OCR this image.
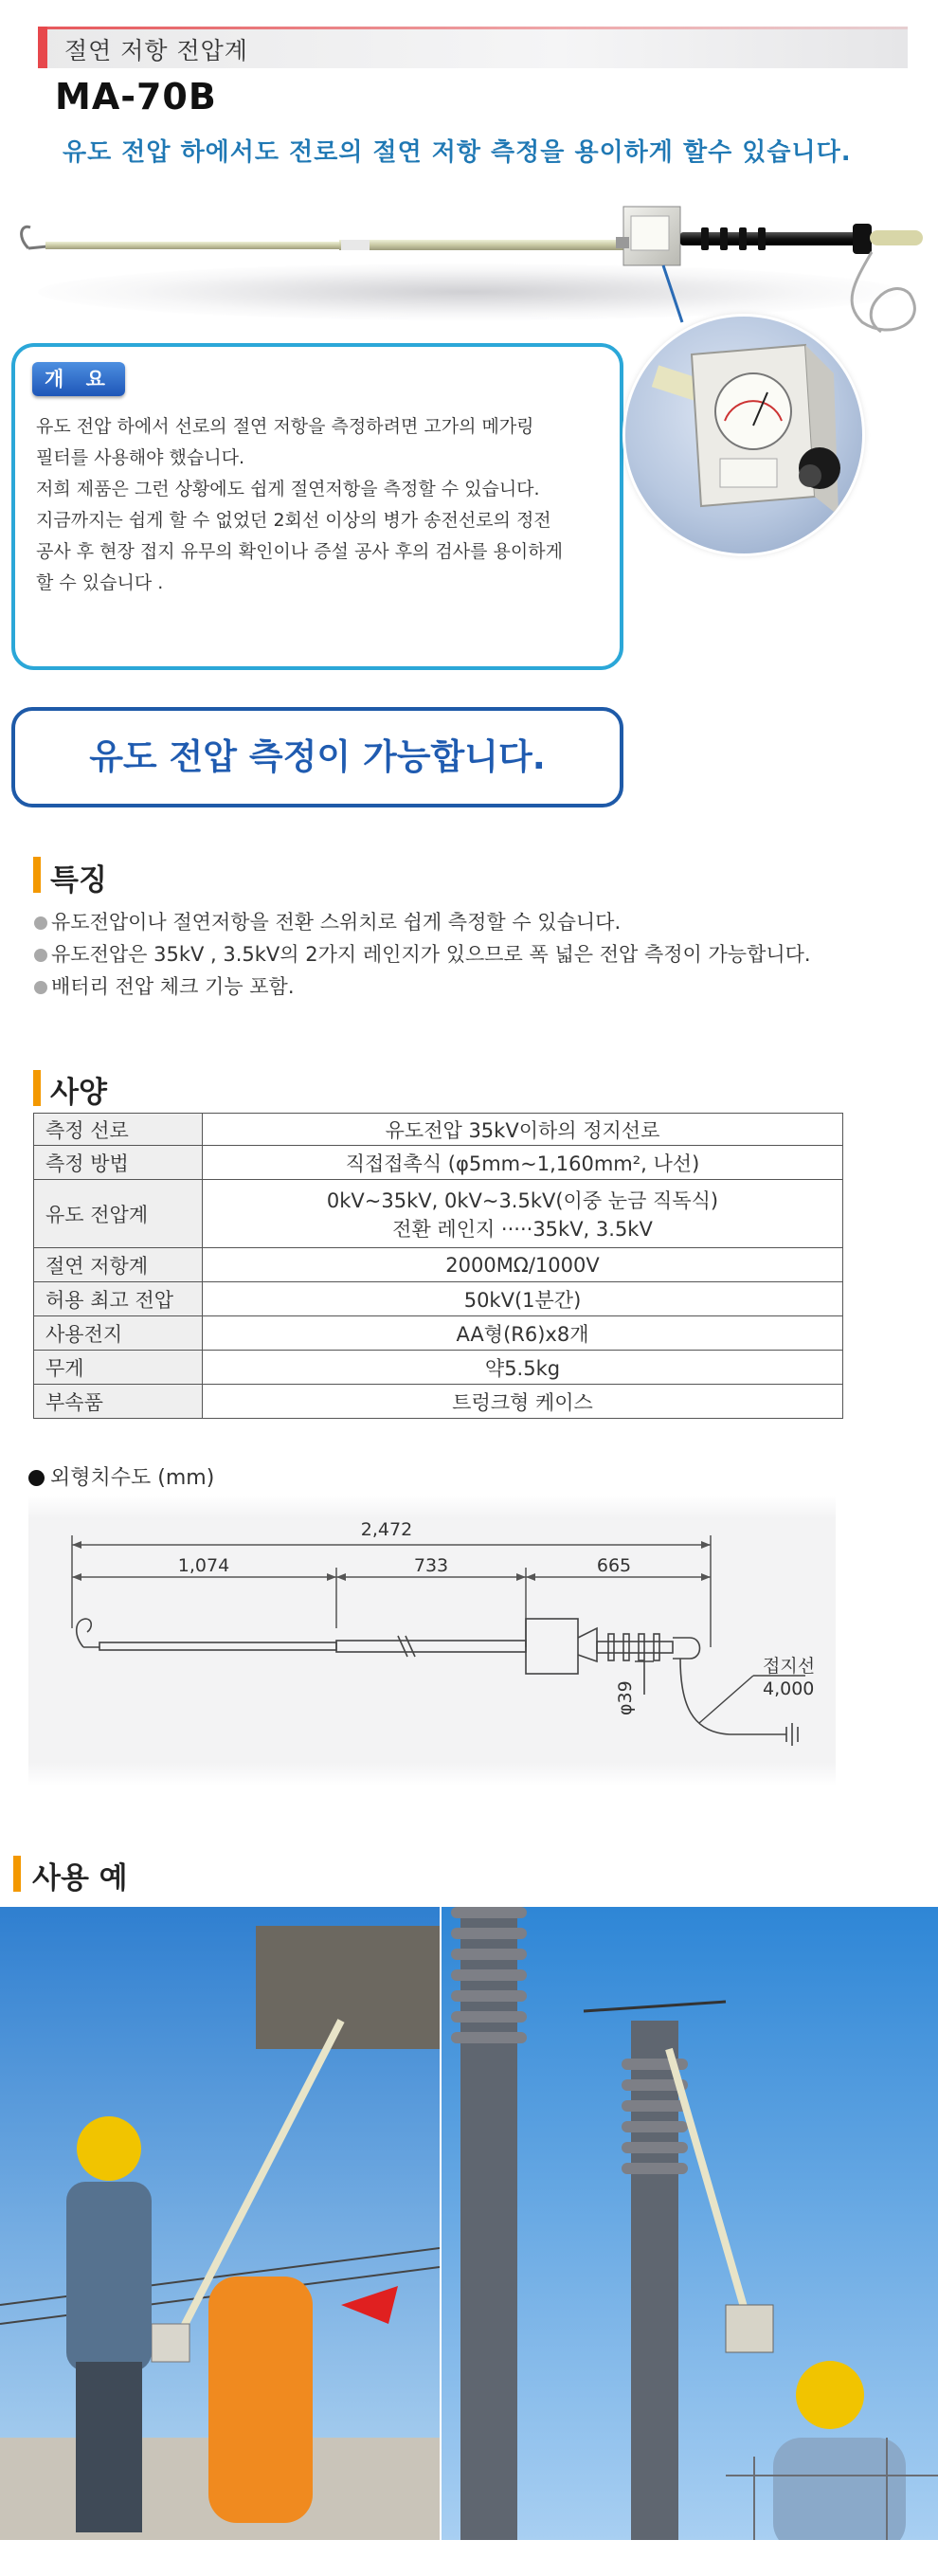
절연 저항 전압계
MA-70B
유도 전압 하에서도 전로의 절연 저항 측정을 용이하게 할수 있습니다.
개 요

유도 전압 하에서 선로의 절연 저항을 측정하려면 고가의 메가링

필터를 사용해야 했습니다.

저희 제품은 그런 상황에도 쉽게 절연저항을 측정할 수 있습니다.

지금까지는 쉽게 할 수 없었던 2회선 이상의 병가 송전선로의 정전

공사 후 현장 접지 유무의 확인이나 증설 공사 후의 검사를 용이하게

할 수 있습니다 .

유도 전압 측정이 가능합니다.
특징
유도전압이나 절연저항을 전환 스위치로 쉽게 측정할 수 있습니다.
유도전압은 35kV , 3.5kV의 2가지 레인지가 있으므로 폭 넓은 전압 측정이 가능합니다.
배터리 전압 체크 기능 포함.
사양
측정 선로	유도전압 35kV이하의 정지선로
측정 방법	직접접촉식 (φ5mm~1,160mm², 나선)
유도 전압계	0kV~35kV, 0kV~3.5kV(이중 눈금 직독식)
전환 레인지 ·····35kV, 3.5kV

절연 저항계	2000MΩ/1000V
허용 최고 전압	50kV(1분간)
사용전지	AA형(R6)x8개
무게	약5.5kg
부속품	트렁크형 케이스
외형치수도 (mm)
2,472
1,074	733	665
φ39
접지선
4,000
사용 예
